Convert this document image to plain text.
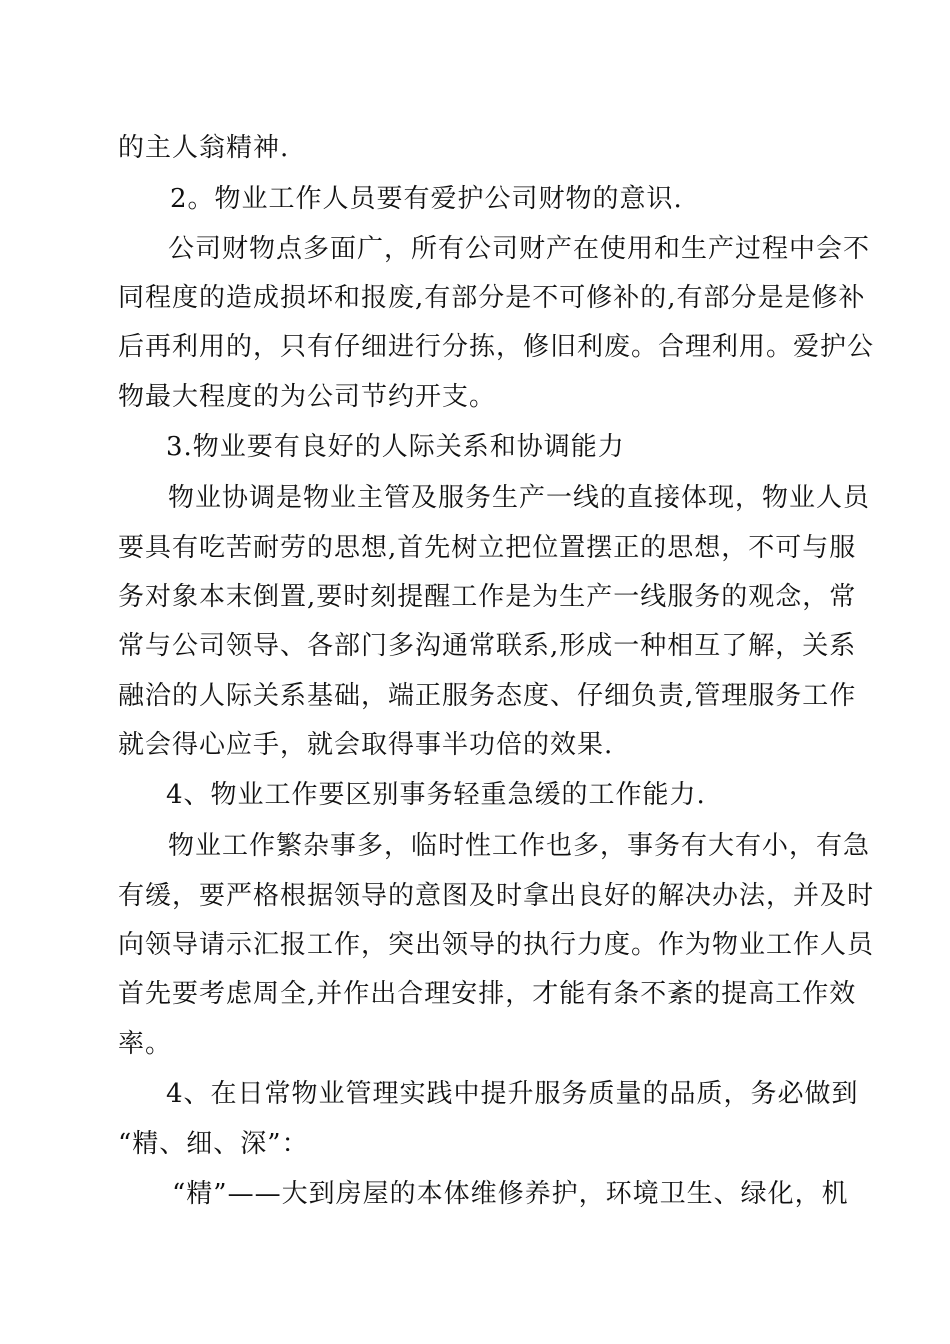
的主人翁精神.
2。物业工作人员要有爱护公司财物的意识.
公司财物点多面广，所有公司财产在使用和生产过程中会不
同程度的造成损坏和报废,有部分是不可修补的,有部分是是修补
后再利用的，只有仔细进行分拣，修旧利废。合理利用。爱护公
物最大程度的为公司节约开支。
3.物业要有良好的人际关系和协调能力
物业协调是物业主管及服务生产一线的直接体现，物业人员
要具有吃苦耐劳的思想,首先树立把位置摆正的思想，不可与服
务对象本末倒置,要时刻提醒工作是为生产一线服务的观念，常
常与公司领导、各部门多沟通常联系,形成一种相互了解，关系
融洽的人际关系基础，端正服务态度、仔细负责,管理服务工作
就会得心应手，就会取得事半功倍的效果.
4、物业工作要区别事务轻重急缓的工作能力.
物业工作繁杂事多，临时性工作也多，事务有大有小，有急
有缓，要严格根据领导的意图及时拿出良好的解决办法，并及时
向领导请示汇报工作，突出领导的执行力度。作为物业工作人员
首先要考虑周全,并作出合理安排，才能有条不紊的提高工作效
率。
4、在日常物业管理实践中提升服务质量的品质，务必做到
“精、细、深”：
“精”——大到房屋的本体维修养护，环境卫生、绿化，机
